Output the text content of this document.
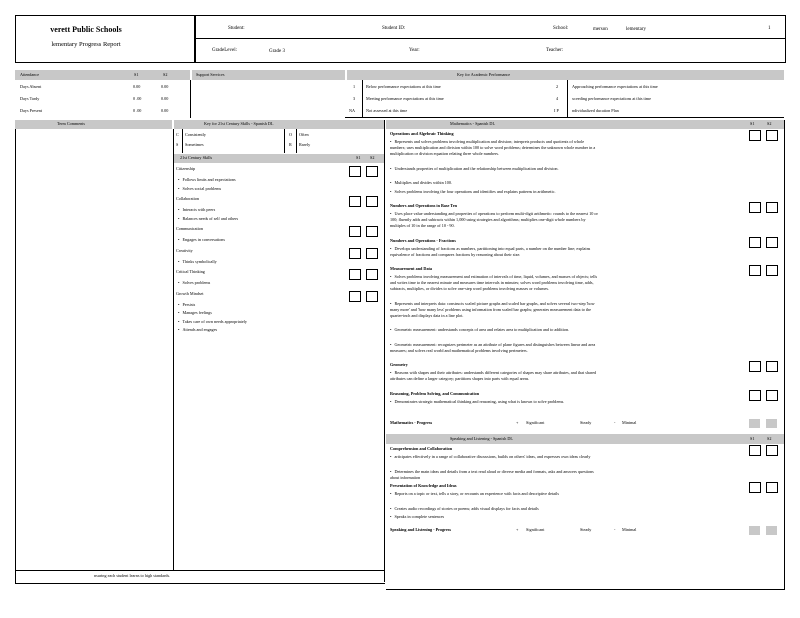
verett Public Schools
lementary Progress Report
Student:	Student ID:	School:	merson	lementary	1
GradeLevel:	Grade 3	Year:	Teacher:
Attendance	S1	S2	Support Services	Key for Academic Performance
Days Absent	0.00	0.00
Days Tardy	0 .00	0.00
Days Present	0 .00	0.00
1	Below performance expectations at this time	2	Approaching performance expectations at this time
3	Meeting performance expectations at this time	4	xceeding performance expectations at this time
NA	Not assessed at this time	I P	ndividualized ducation Plan
Term Comments	Key for 21st Century Skills - Spanish DL
C Consistently	O Often
S Sometimes	R Rarely
21st Century Skills	S1 S2
Citizenship
• Follows limits and expectations
• Solves social problems
Collaboration
• Interacts with peers
• Balances needs of self and others
Communication
• Engages in conversations
Creativity
• Thinks symbolically
Critical Thinking
• Solves problems
Growth Mindset
• Persists
• Manages feelings
• Takes care of own needs appropriately
• Attends and engages
Mathematics - Spanish DL	S1	S2
Operations and Algebraic Thinking
• Represents and solves problems involving multiplication and division; interprets products and quotients of whole numbers; uses multiplication and division within 100 to solve word problems; determines the unknown whole number in a multiplication or division equation relating three whole numbers.
• Understands properties of multiplication and the relationship between multiplication and division.
• Multiplies and divides within 100.
• Solves problems involving the four operations and identifies and explains patterns in arithmetic.
Numbers and Operations in Base Ten
• Uses place value understanding and properties of operations to perform multi-digit arithmetic: rounds to the nearest 10 or 100; fluently adds and subtracts within 1,000 using strategies and algorithms; multiplies one-digit whole numbers by multiples of 10 in the range of 10 - 90.
Numbers and Operations - Fractions
• Develops understanding of fractions as numbers, partitioning into equal parts, a number on the number line; explains equivalence of fractions and compares fractions by reasoning about their size.
Measurement and Data
• Solves problems involving measurement and estimation of intervals of time, liquid, volumes, and masses of objects; tells and writes time to the nearest minute and measures time intervals in minutes; solves word problems involving time, adds, subtracts, multiplies, or divides to solve one-step word problems involving masses or volumes.
• Represents and interprets data: constructs scaled picture graphs and scaled bar graphs, and solves several two-step 'how many more' and 'how many less' problems using information from scaled bar graphs; generates measurement data to the quarter-inch and displays data in a line plot.
• Geometric measurement: understands concepts of area and relates area to multiplication and to addition.
• Geometric measurement: recognizes perimeter as an attribute of plane figures and distinguishes between linear and area measures; and solves real world and mathematical problems involving perimeters.
Geometry
• Reasons with shapes and their attributes: understands different categories of shapes may share attributes, and that shared attributes can define a larger category; partitions shapes into parts with equal areas.
Reasoning, Problem Solving, and Communication
• Demonstrates strategic mathematical thinking and reasoning, using what is known to solve problems.
Mathematics - Progress	+ Significant	Steady	- Minimal
Speaking and Listening - Spanish DL	S1	S2
Comprehension and Collaboration
• articipates effectively in a range of collaborative discussions, builds on others' ideas, and expresses own ideas clearly
• Determines the main ideas and details from a text read aloud or diverse media and formats, asks and answers questions about information
Presentation of Knowledge and Ideas
• Reports on a topic or text, tells a story, or recounts an experience with facts and descriptive details
• Creates audio recordings of stories or poems; adds visual displays for facts and details
• Speaks in complete sentences
Speaking and Listening - Progress	+ Significant	Steady	- Minimal
nsuring each student learns to high standards.
